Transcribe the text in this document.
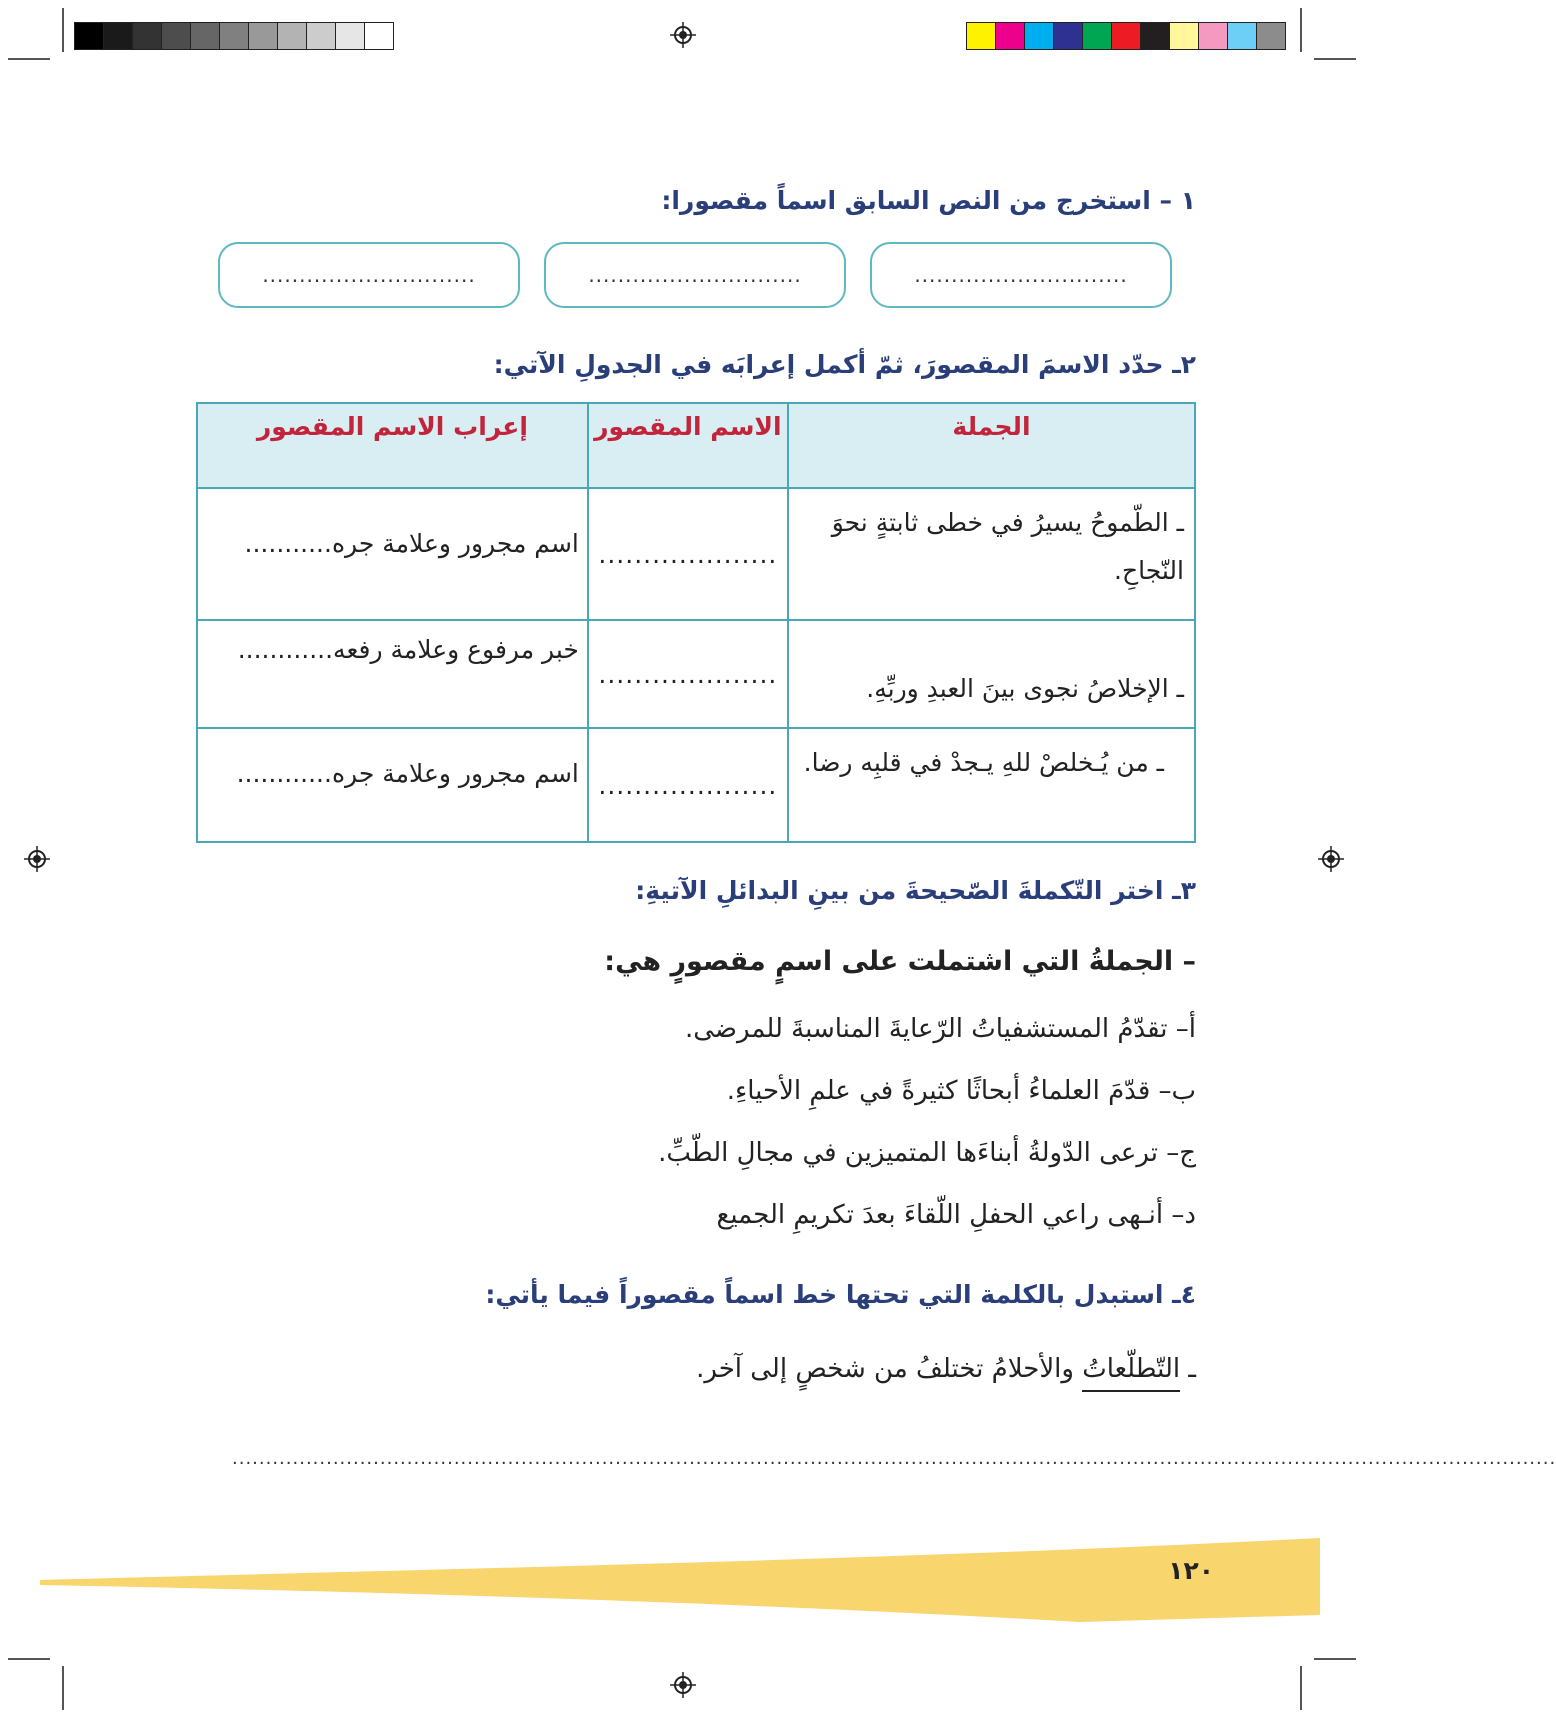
١ – استخرج من النص السابق اسماً مقصورا:
.............................
.............................
.............................
٢ـ حدّد الاسمَ المقصورَ، ثمّ أكمل إعرابَه في الجدولِ الآتي:
الجملة	الاسم المقصور	إعراب الاسم المقصور
ـ الطّموحُ يسيرُ في خطى ثابتةٍ نحوَ النّجاحِ.	....................	اسم مجرور وعلامة جره...........
ـ الإخلاصُ نجوى بينَ العبدِ وربِّهِ.	....................	خبر مرفوع وعلامة رفعه............
ـ من يُـخلصْ للهِ يـجدْ في قلبِه رضا.	....................	اسم مجرور وعلامة جره............
٣ـ اختر التّكملةَ الصّحيحةَ من بينِ البدائلِ الآتيةِ:
– الجملةُ التي اشتملت على اسمٍ مقصورٍ هي:
أ– تقدّمُ المستشفياتُ الرّعايةَ المناسبةَ للمرضى.
ب– قدّمَ العلماءُ أبحاثًا كثيرةً في علمِ الأحياءِ.
ج– ترعى الدّولةُ أبناءَها المتميزين في مجالِ الطّبِّ.
د– أنـهى راعي الحفلِ اللّقاءَ بعدَ تكريمِ الجميع
٤ـ استبدل بالكلمة التي تحتها خط اسماً مقصوراً فيما يأتي:
ـ التّطلّعاتُ والأحلامُ تختلفُ من شخصٍ إلى آخر.
.....................................................................................................................................................................................................
١٢٠
